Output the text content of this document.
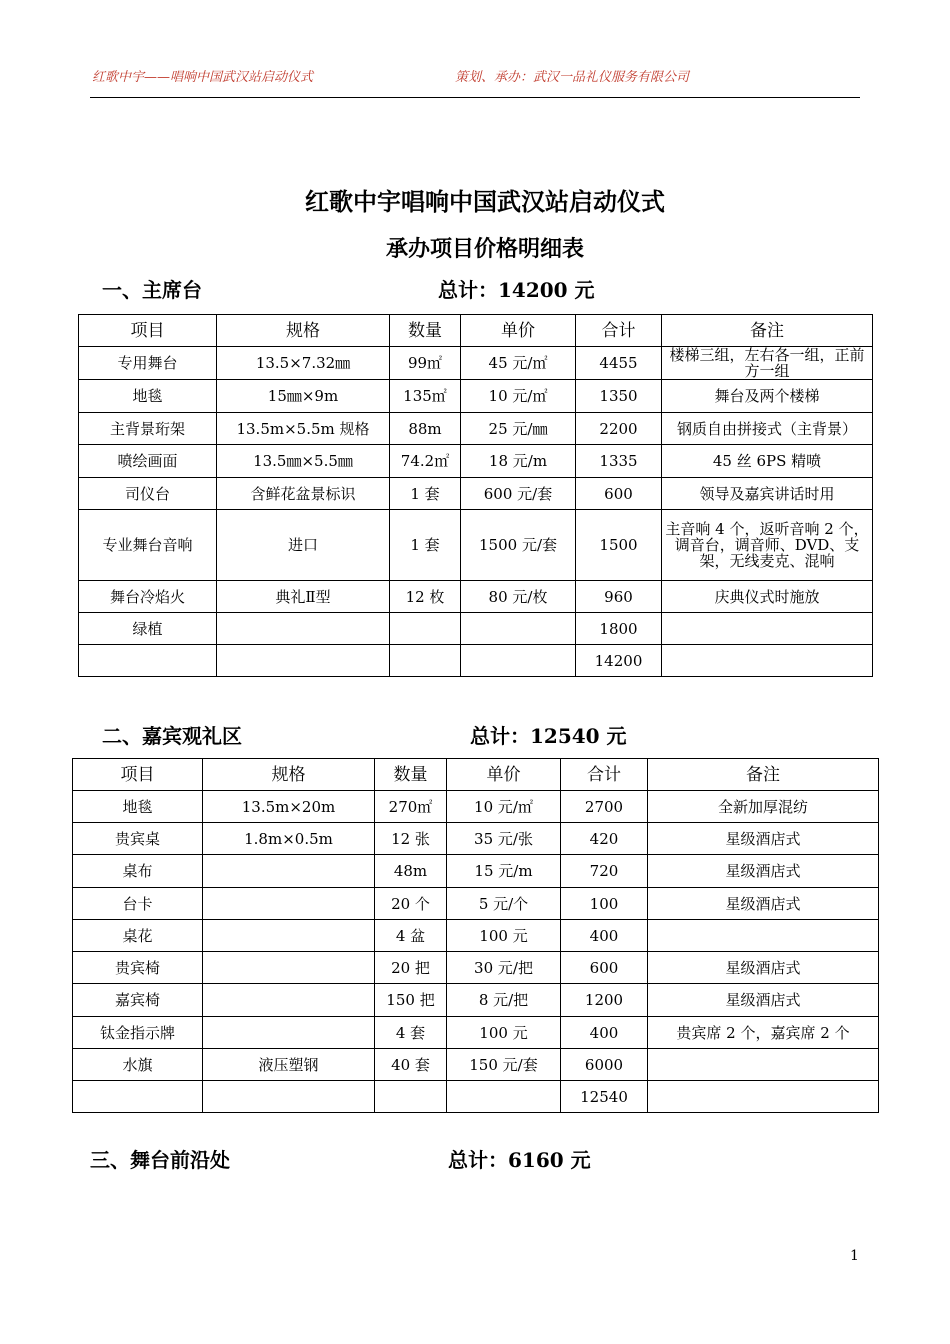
红歌中宇——唱响中国武汉站启动仪式	策划、承办：武汉一品礼仪服务有限公司
红歌中宇唱响中国武汉站启动仪式
承办项目价格明细表
一、主席台	总计：14200 元
项目	规格	数量	单价	合计	备注
专用舞台	13.5×7.32㎜	99㎡	45 元/㎡	4455	楼梯三组，左右各一组，正前方一组
地毯	15㎜×9m	135㎡	10 元/㎡	1350	舞台及两个楼梯
主背景珩架	13.5m×5.5m 规格	88m	25 元/㎜	2200	钢质自由拼接式（主背景）
喷绘画面	13.5㎜×5.5㎜	74.2㎡	18 元/m	1335	45 丝 6PS 精喷
司仪台	含鲜花盆景标识	1 套	600 元/套	600	领导及嘉宾讲话时用
专业舞台音响	进口	1 套	1500 元/套	1500	主音响 4 个，返听音响 2 个，调音台，调音师、DVD、支架，无线麦克、混响
舞台冷焰火	典礼Ⅱ型	12 枚	80 元/枚	960	庆典仪式时施放
绿植				1800	
				14200	
二、嘉宾观礼区	总计：12540 元
项目	规格	数量	单价	合计	备注
地毯	13.5m×20m	270㎡	10 元/㎡	2700	全新加厚混纺
贵宾桌	1.8m×0.5m	12 张	35 元/张	420	星级酒店式
桌布		48m	15 元/m	720	星级酒店式
台卡		20 个	5 元/个	100	星级酒店式
桌花		4 盆	100 元	400	
贵宾椅		20 把	30 元/把	600	星级酒店式
嘉宾椅		150 把	8 元/把	1200	星级酒店式
钛金指示牌		4 套	100 元	400	贵宾席 2 个，嘉宾席 2 个
水旗	液压塑钢	40 套	150 元/套	6000	
				12540	
三、舞台前沿处	总计：6160 元
1
